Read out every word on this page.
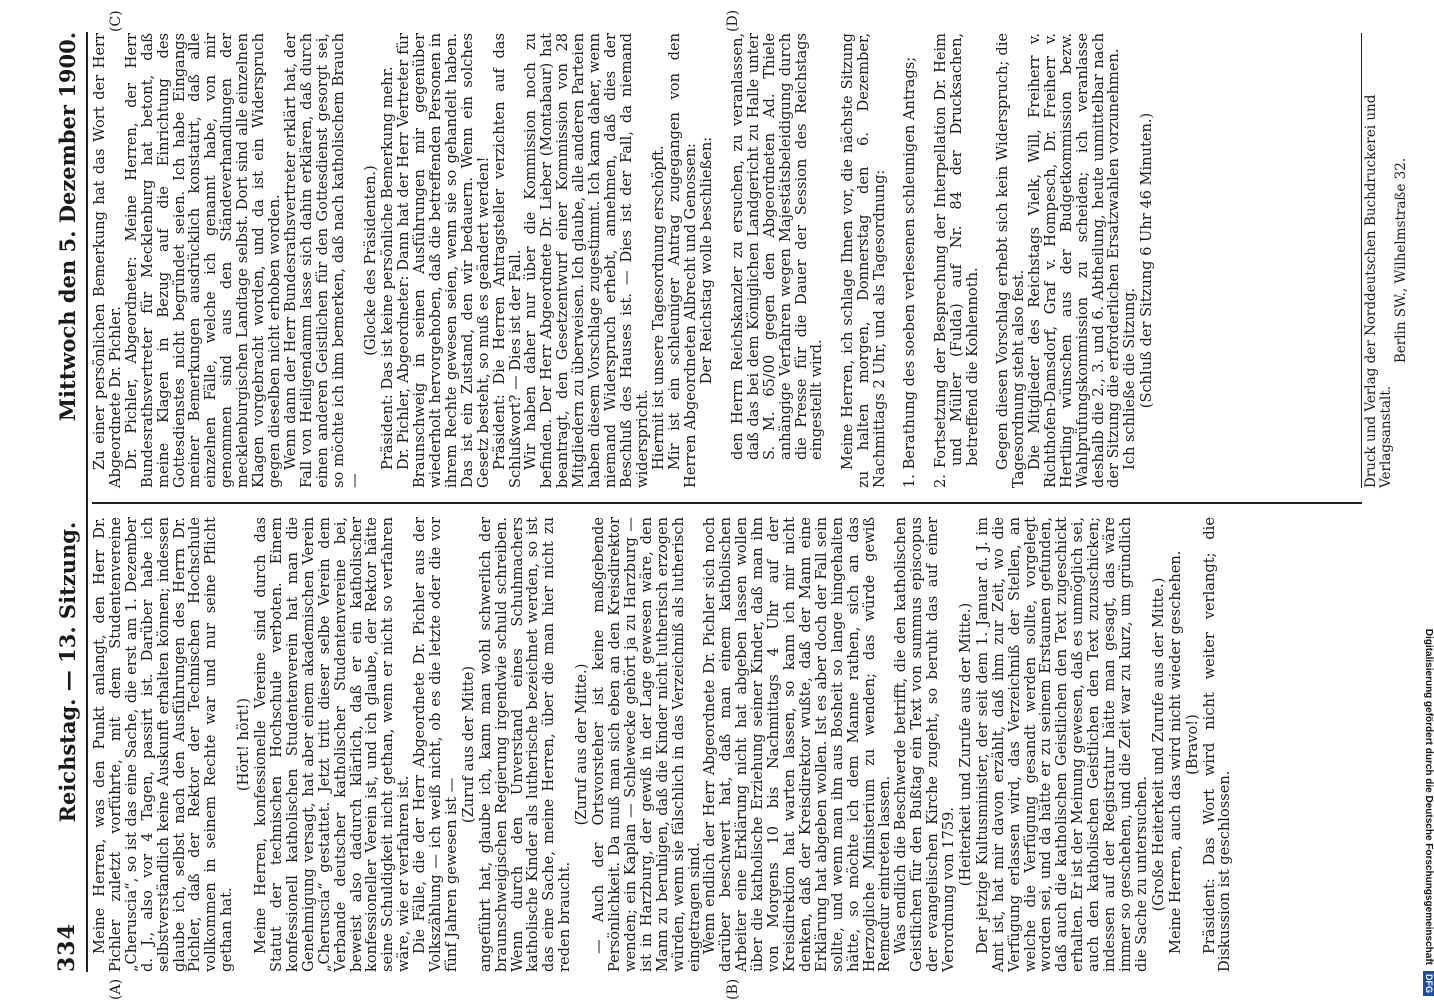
(A)	(B)
(C)	(D)
334
Reichstag. — 13. Sitzung.
Mittwoch den 5. Dezember 1900.

Meine Herren, was den Punkt anlangt, den Herr Dr. Pichler zuletzt vorführte, mit dem Studentenvereine „Cheruscia“, so ist das eine Sache, die erst am 1. Dezember d. J., also vor 4 Tagen, passirt ist. Darüber habe ich selbstverständlich keine Auskunft erhalten können; indessen glaube ich, selbst nach den Ausführungen des Herrn Dr. Pichler, daß der Rektor der Technischen Hochschule vollkommen in seinem Rechte war und nur seine Pflicht gethan hat.

(Hört! hört!) Meine Herren, konfessionelle Vereine sind durch das Statut der technischen Hochschule verboten. Einem konfessionell katholischen Studentenverein hat man die Genehmigung versagt, hat aber einem akademischen Verein „Cheruscia“ gestattet. Jetzt tritt dieser selbe Verein dem Verbande deutscher katholischer Studentenvereine bei, beweist also dadurch klärlich, daß er ein katholischer konfessioneller Verein ist, und ich glaube, der Rektor hätte seine Schuldigkeit nicht gethan, wenn er nicht so verfahren wäre, wie er verfahren ist.

Die Fälle, die der Herr Abgeordnete Dr. Pichler aus der Volkszählung — ich weiß nicht, ob es die letzte oder die vor fünf Jahren gewesen ist —

(Zuruf aus der Mitte) angeführt hat, glaube ich, kann man wohl schwerlich der braunschweigischen Regierung irgendwie schuld schreiben. Wenn durch den Unverstand eines Schuhmachers katholische Kinder als lutherische bezeichnet werden, so ist das eine Sache, meine Herren, über die man hier nicht zu reden braucht.

(Zuruf aus der Mitte.) — Auch der Ortsvorsteher ist keine maßgebende Persönlichkeit. Da muß man sich eben an den Kreisdirektor wenden; ein Kaplan — Schlewecke gehört ja zu Harzburg — ist in Harzburg, der gewiß in der Lage gewesen wäre, den Mann zu beruhigen, daß die Kinder nicht lutherisch erzogen würden, wenn sie fälschlich in das Verzeichniß als lutherisch eingetragen sind.

Wenn endlich der Herr Abgeordnete Dr. Pichler sich noch darüber beschwert hat, daß man einem katholischen Arbeiter eine Erklärung nicht hat abgeben lassen wollen über die katholische Erziehung seiner Kinder, daß man ihn von Morgens 10 bis Nachmittags 4 Uhr auf der Kreisdirektion hat warten lassen, so kann ich mir nicht denken, daß der Kreisdirektor wußte, daß der Mann eine Erklärung hat abgeben wollen. Ist es aber doch der Fall sein sollte, und wenn man ihn aus Bosheit so lange hingehalten hätte, so möchte ich dem Manne rathen, sich an das Herzogliche Ministerium zu wenden; das würde gewiß Remedur eintreten lassen.

Was endlich die Beschwerde betrifft, die den katholischen Geistlichen für den Bußtag ein Text von summus episcopus der evangelischen Kirche zugeht, so beruht das auf einer Verordnung von 1759.

(Heiterkeit und Zurufe aus der Mitte.) Der jetzige Kultusminister, der seit dem 1. Januar d. J. im Amt ist, hat mir davon erzählt, daß ihm zur Zeit, wo die Verfügung erlassen wird, das Verzeichniß der Stellen, an welche die Verfügung gesandt werden sollte, vorgelegt worden sei, und da hätte er zu seinem Erstaunen gefunden, daß auch die katholischen Geistlichen den Text zugeschickt erhalten. Er ist der Meinung gewesen, daß es unmöglich sei, auch den katholischen Geistlichen den Text zuzuschicken; indessen auf der Registratur hätte man gesagt, das wäre immer so geschehen, und die Zeit war zu kurz, um gründlich die Sache zu untersuchen. (Große Heiterkeit und Zurufe aus der Mitte.) Meine Herren, auch das wird nicht wieder geschehen. (Bravo!) Präsident: Das Wort wird nicht weiter verlangt; die Diskussion ist geschlossen.

Zu einer persönlichen Bemerkung hat das Wort der Herr Abgeordnete Dr. Pichler.

Dr. Pichler, Abgeordneter: Meine Herren, der Herr Bundesrathsvertreter für Mecklenburg hat betont, daß meine Klagen in Bezug auf die Einrichtung des Gottesdienstes nicht begründet seien. Ich habe Eingangs meiner Bemerkungen ausdrücklich konstatirt, daß alle einzelnen Fälle, welche ich genannt habe, von mir genommen sind aus den Ständeverhandlungen der mecklenburgischen Landtage selbst. Dort sind alle einzelnen Klagen vorgebracht worden, und da ist ein Widerspruch gegen dieselben nicht erhoben worden.

Wenn dann der Herr Bundesrathsvertreter erklärt hat, der Fall von Heiligendamm lasse sich dahin erklären, daß durch einen anderen Geistlichen für den Gottesdienst gesorgt sei, so möchte ich ihm bemerken, daß nach katholischem Brauch —

(Glocke des Präsidenten.) Präsident: Das ist keine persönliche Bemerkung mehr.

Dr. Pichler, Abgeordneter: Dann hat der Herr Vertreter für Braunschweig in seinen Ausführungen mir gegenüber wiederholt hervorgehoben, daß die betreffenden Personen in ihrem Rechte gewesen seien, wenn sie so gehandelt haben. Das ist ein Zustand, den wir bedauern. Wenn ein solches Gesetz besteht, so muß es geändert werden!

Präsident: Die Herren Antragsteller verzichten auf das Schlußwort? — Dies ist der Fall.

Wir haben daher nur über die Kommission noch zu befinden. Der Herr Abgeordnete Dr. Lieber (Montabaur) hat beantragt, den Gesetzentwurf einer Kommission von 28 Mitgliedern zu überweisen. Ich glaube, alle anderen Parteien haben diesem Vorschlage zugestimmt. Ich kann daher, wenn niemand Widerspruch erhebt, annehmen, daß dies der Beschluß des Hauses ist. — Dies ist der Fall, da niemand widerspricht.

Hiermit ist unsere Tagesordnung erschöpft.

Mir ist ein schleuniger Antrag zugegangen von den Herren Abgeordneten Albrecht und Genossen: Der Reichstag wolle beschließen: den Herrn Reichskanzler zu ersuchen, zu veranlassen, daß das bei dem Königlichen Landgericht zu Halle unter S. M. 65/00 gegen den Abgeordneten Ad. Thiele anhängige Verfahren wegen Majestätsbeleidigung durch die Presse für die Dauer der Session des Reichstags eingestellt wird. Meine Herren, ich schlage Ihnen vor, die nächste Sitzung zu halten morgen, Donnerstag den 6. Dezember, Nachmittags 2 Uhr, und als Tagesordnung: 1. Berathung des soeben verlesenen schleunigen Antrags; 2. Fortsetzung der Besprechung der Interpellation Dr. Heim und Müller (Fulda) auf Nr. 84 der Drucksachen, betreffend die Kohlennoth. Gegen diesen Vorschlag erhebt sich kein Widerspruch; die Tagesordnung steht also fest.

Die Mitglieder des Reichstags Vielk, Will, Freiherr v. Richthofen-Damsdorf, Graf v. Hompesch, Dr. Freiherr v. Hertling wünschen aus der Budgetkommission bezw. Wahlprüfungskommission zu scheiden; ich veranlasse deshalb die 2., 3. und 6. Abtheilung, heute unmittelbar nach der Sitzung die erforderlichen Ersatzwahlen vorzunehmen.

Ich schließe die Sitzung. (Schluß der Sitzung 6 Uhr 46 Minuten.)	Druck und Verlag der Norddeutschen Buchdruckerei und Verlagsanstalt.
Berlin SW., Wilhelmstraße 32.
Digitalisierung gefördert durch die Deutsche Forschungsgemeinschaft
DFG
